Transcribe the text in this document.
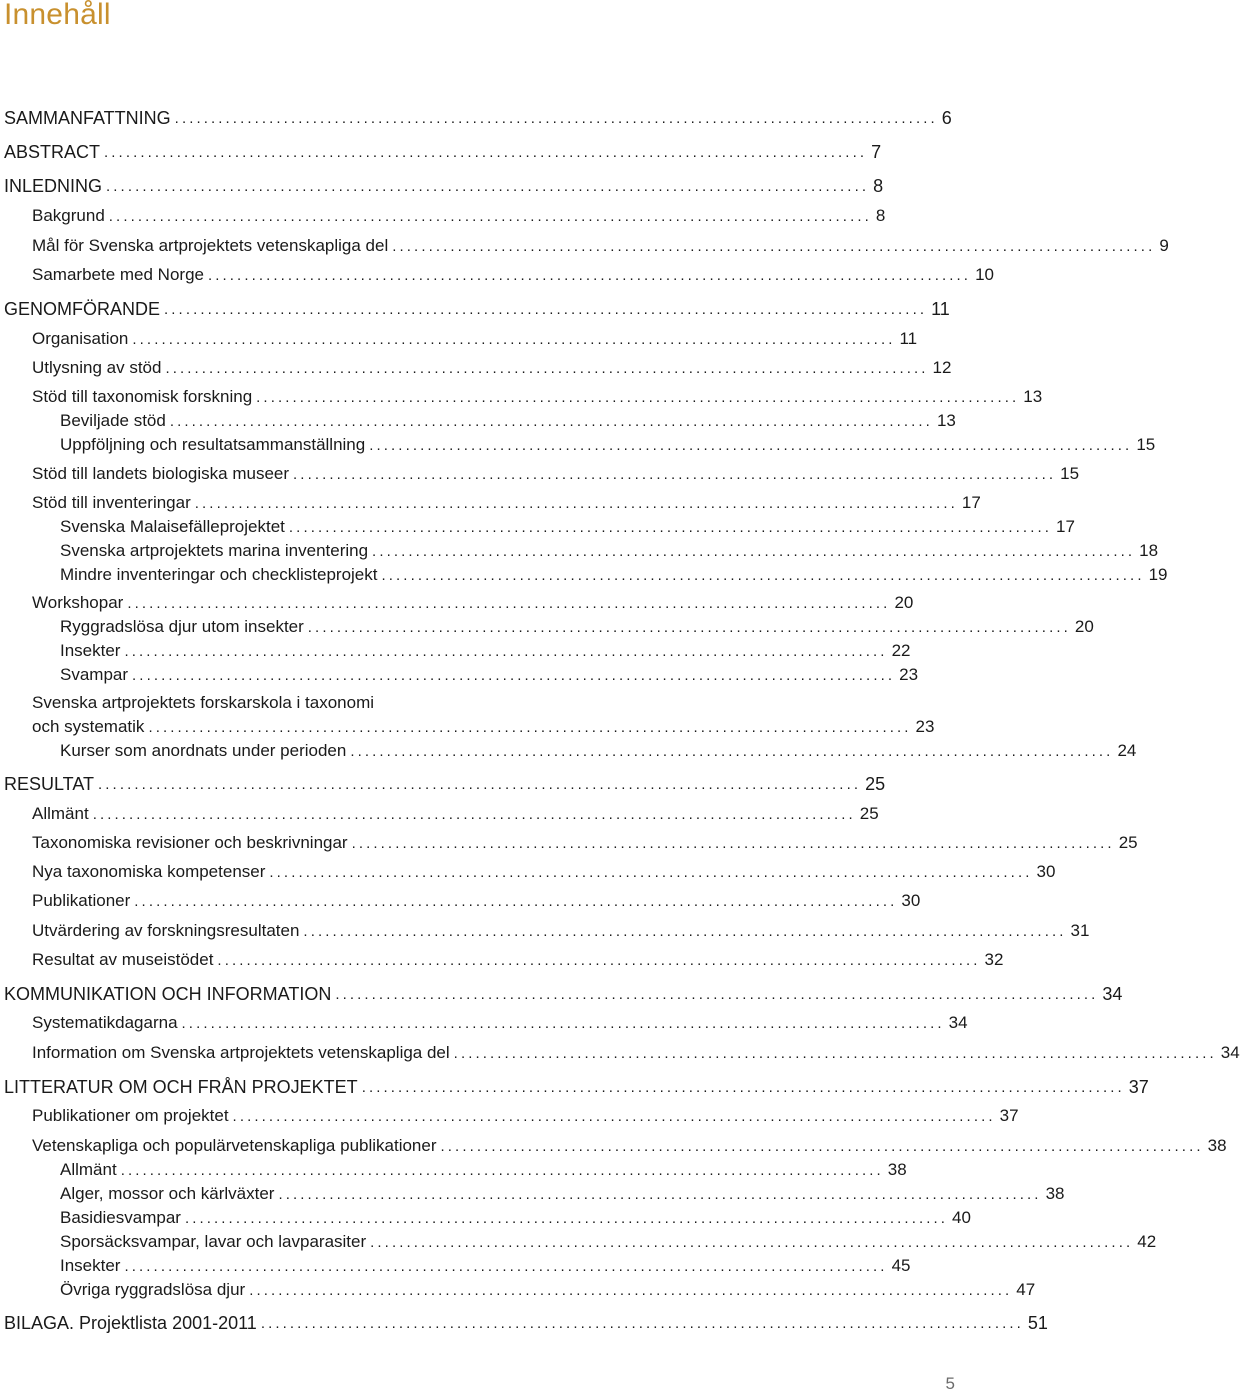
Innehåll
SAMMANFATTNING ......................................................................................................... 6
ABSTRACT ......................................................................................................... 7
INLEDNING ......................................................................................................... 8
Bakgrund ......................................................................................................... 8
Mål för Svenska artprojektets vetenskapliga del ......................................................................................................... 9
Samarbete med Norge ......................................................................................................... 10
GENOMFÖRANDE ......................................................................................................... 11
Organisation ......................................................................................................... 11
Utlysning av stöd ......................................................................................................... 12
Stöd till taxonomisk forskning ......................................................................................................... 13
Beviljade stöd ......................................................................................................... 13
Uppföljning och resultatsammanställning ......................................................................................................... 15
Stöd till landets biologiska museer ......................................................................................................... 15
Stöd till inventeringar ......................................................................................................... 17
Svenska Malaisefälleprojektet ......................................................................................................... 17
Svenska artprojektets marina inventering ......................................................................................................... 18
Mindre inventeringar och checklisteprojekt ......................................................................................................... 19
Workshopar ......................................................................................................... 20
Ryggradslösa djur utom insekter ......................................................................................................... 20
Insekter ......................................................................................................... 22
Svampar ......................................................................................................... 23
Svenska artprojektets forskarskola i taxonomi
och systematik ......................................................................................................... 23
Kurser som anordnats under perioden ......................................................................................................... 24
RESULTAT ......................................................................................................... 25
Allmänt ......................................................................................................... 25
Taxonomiska revisioner och beskrivningar ......................................................................................................... 25
Nya taxonomiska kompetenser ......................................................................................................... 30
Publikationer ......................................................................................................... 30
Utvärdering av forskningsresultaten ......................................................................................................... 31
Resultat av museistödet ......................................................................................................... 32
KOMMUNIKATION OCH INFORMATION ......................................................................................................... 34
Systematikdagarna ......................................................................................................... 34
Information om Svenska artprojektets vetenskapliga del ......................................................................................................... 34
LITTERATUR OM OCH FRÅN PROJEKTET ......................................................................................................... 37
Publikationer om projektet ......................................................................................................... 37
Vetenskapliga och populärvetenskapliga publikationer ......................................................................................................... 38
Allmänt ......................................................................................................... 38
Alger, mossor och kärlväxter ......................................................................................................... 38
Basidiesvampar ......................................................................................................... 40
Sporsäcksvampar, lavar och lavparasiter ......................................................................................................... 42
Insekter ......................................................................................................... 45
Övriga ryggradslösa djur ......................................................................................................... 47
BILAGA. Projektlista 2001-2011 ......................................................................................................... 51
5
